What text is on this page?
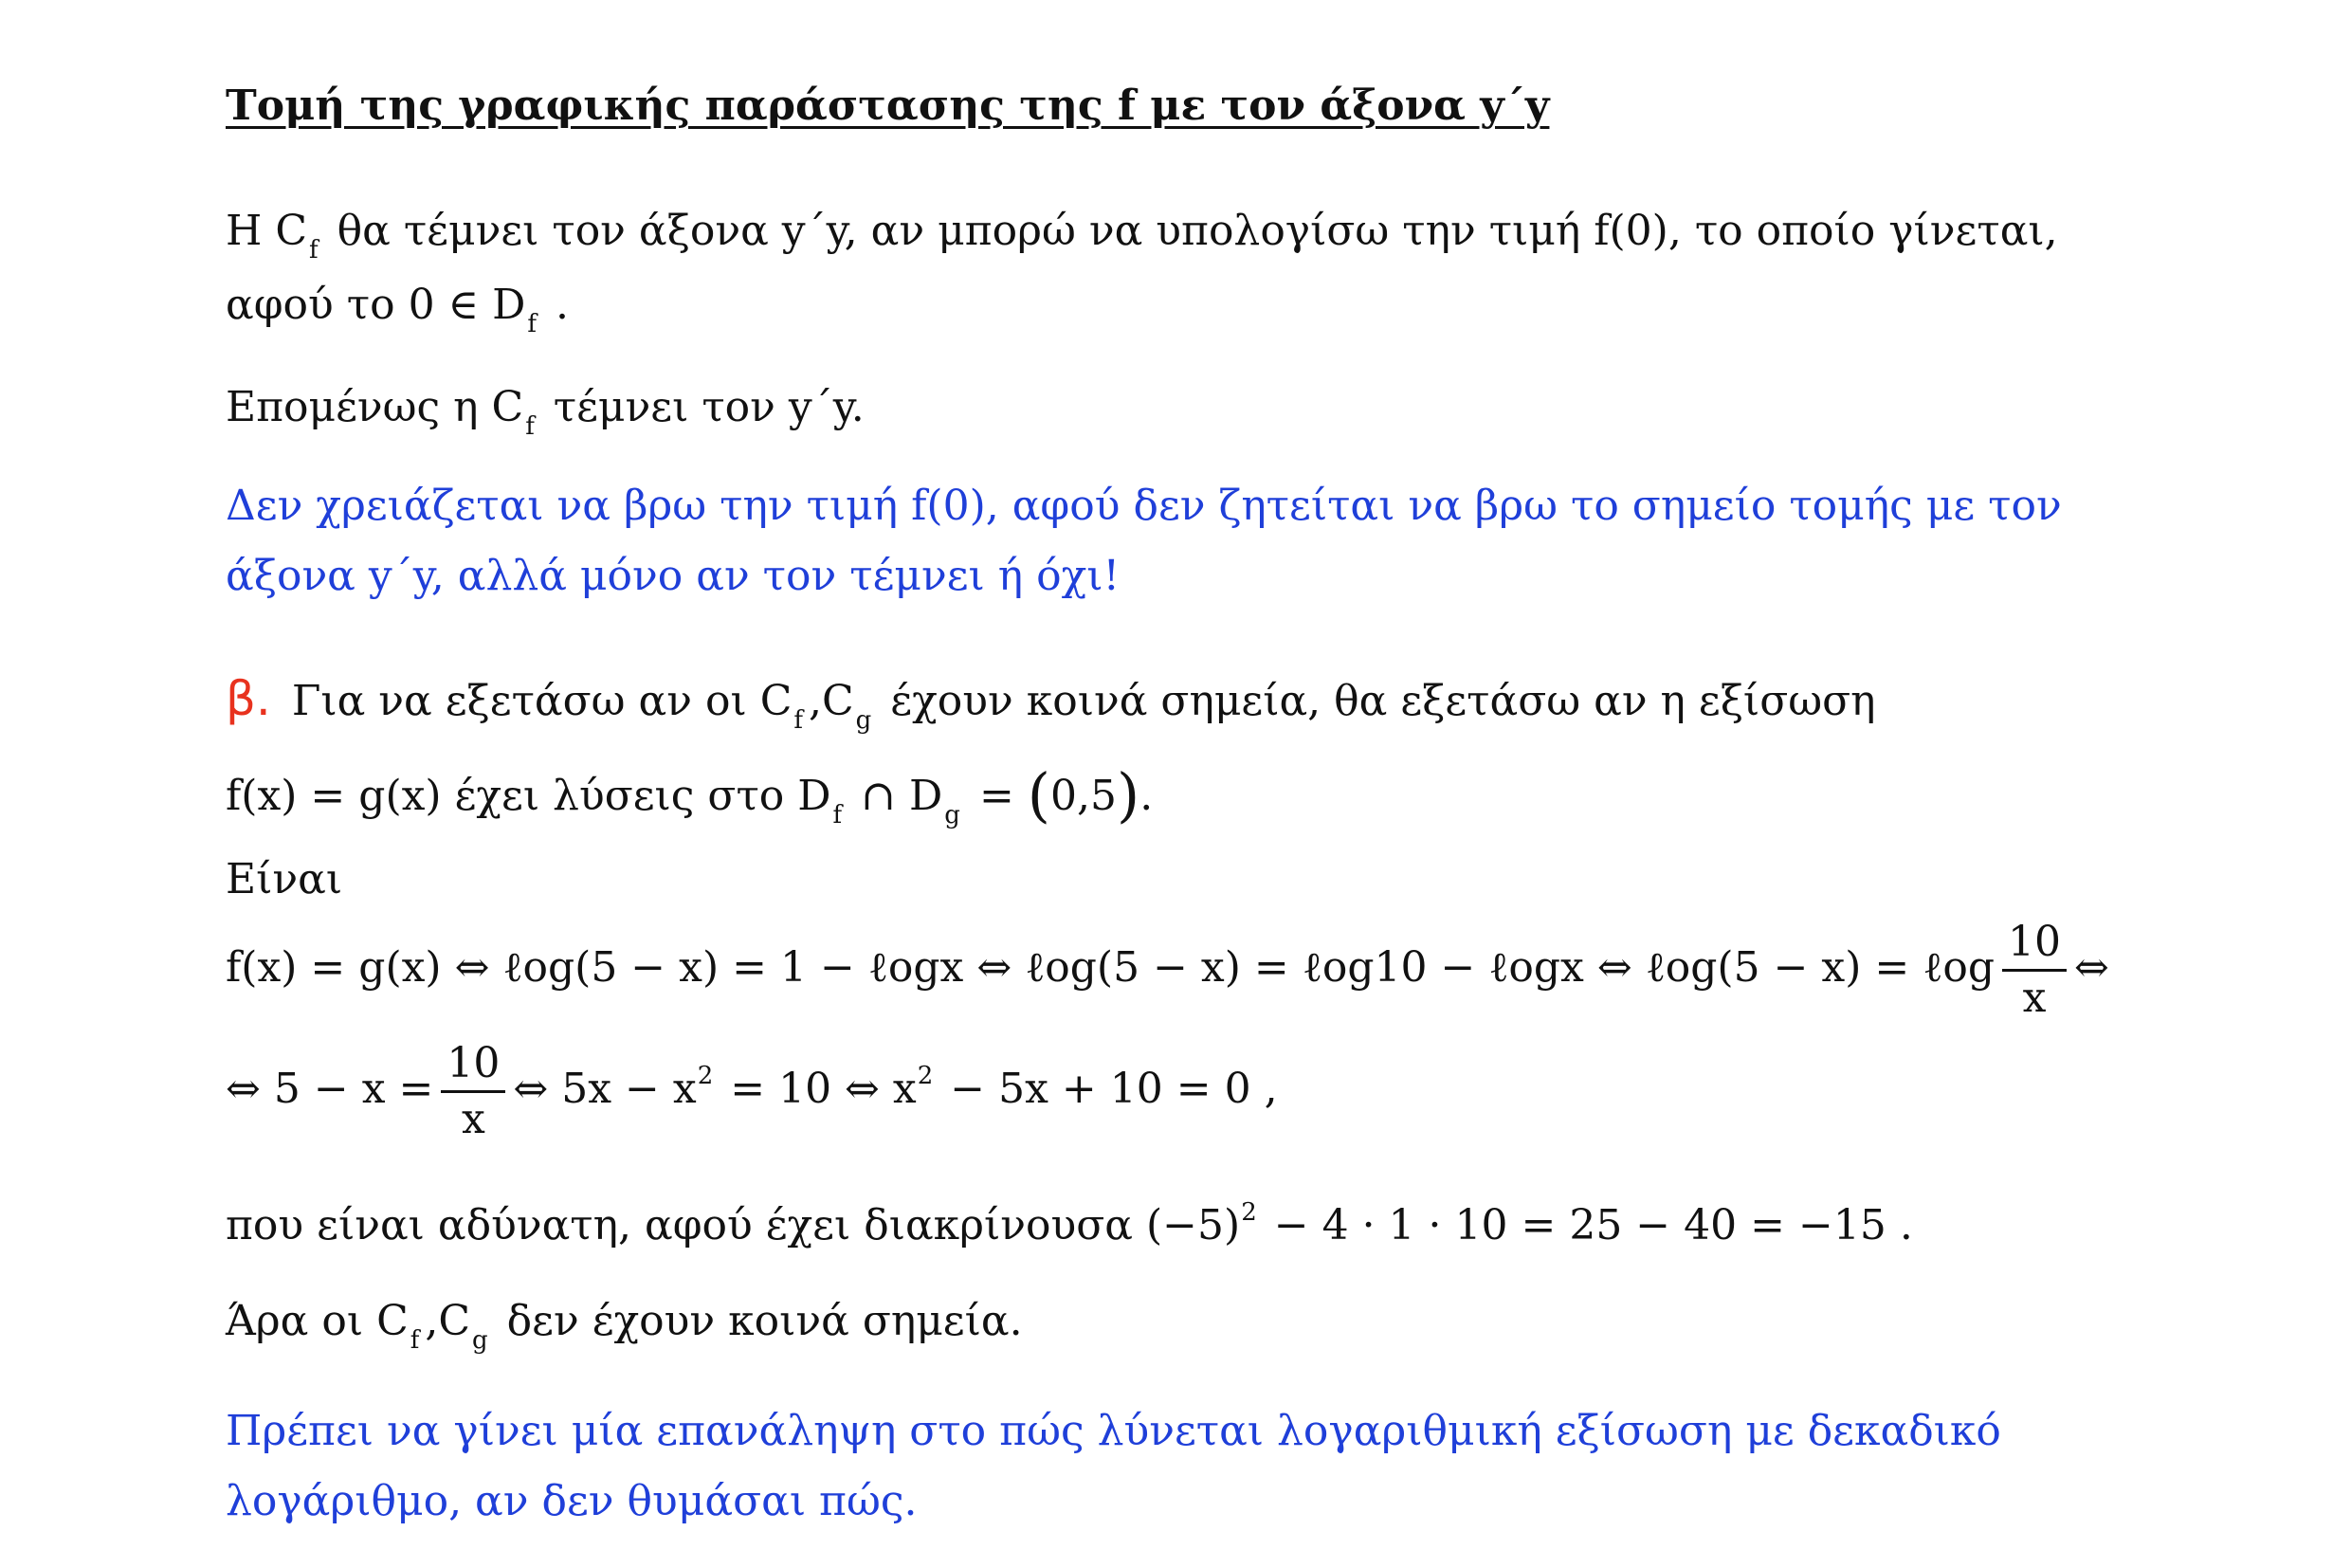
Τομή της γραφικής παράστασης της f με τον άξονα y΄y
Η $C_f$ θα τέμνει τον άξονα y΄y, αν μπορώ να υπολογίσω την τιμή f(0), το οποίο γίνεται,
αφού το 0 ∈ $D_f$ .
Επομένως η $C_f$ τέμνει τον y΄y.
Δεν χρειάζεται να βρω την τιμή f(0), αφού δεν ζητείται να βρω το σημείο τομής με τον
άξονα y΄y, αλλά μόνο αν τον τέμνει ή όχι!
β. Για να εξετάσω αν οι $C_f$ $,C_g$ έχουν κοινά σημεία, θα εξετάσω αν η εξίσωση
f(x) = g(x) έχει λύσεις στο $D_f$ ∩ $D_g = (0,5)$.
Είναι
f(x) = g(x) ⇔ ℓog(5 − x) = 1 − ℓogx ⇔ ℓog(5 − x) = ℓog10 − ℓogx ⇔ ℓog(5 − x) = ℓog $\frac{10}{x}$ ⇔
⇔ $5 - x = \frac{10}{x}$ ⇔ $5x - x^2 = 10$ ⇔ $x^2 - 5x + 10 = 0$ ,
που είναι αδύνατη, αφού έχει διακρίνουσα $(-5)^2 - 4 \cdot 1 \cdot 10 = 25 - 40 = -15$ .
Άρα οι $C_f$ $,C_g$ δεν έχουν κοινά σημεία.
Πρέπει να γίνει μία επανάληψη στο πώς λύνεται λογαριθμική εξίσωση με δεκαδικό
λογάριθμο, αν δεν θυμάσαι πώς.
